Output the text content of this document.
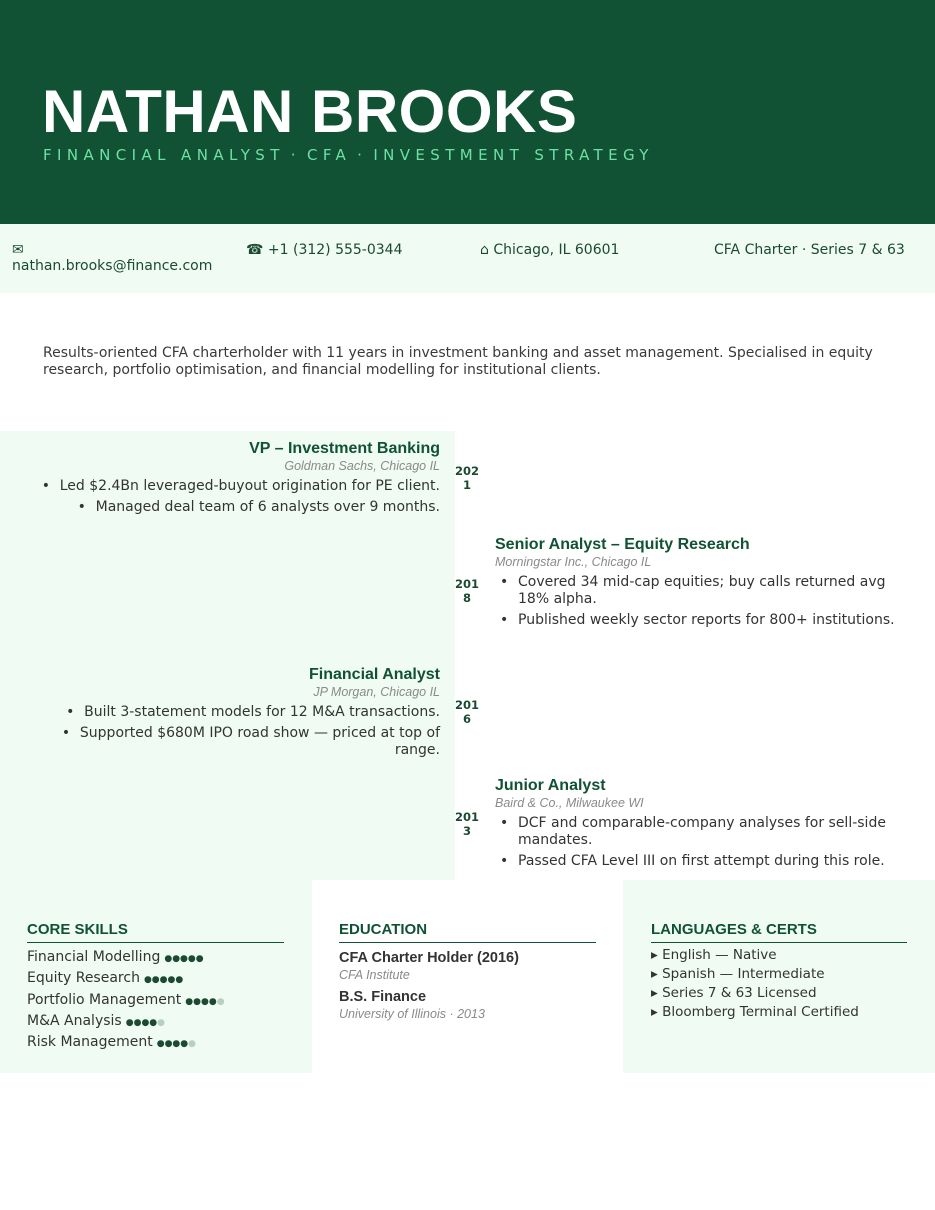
NATHAN BROOKS
FINANCIAL ANALYST · CFA · INVESTMENT STRATEGY
✉
nathan.brooks@finance.com
☎ +1 (312) 555-0344	⌂ Chicago, IL 60601	CFA Charter · Series 7 & 63
Results-oriented CFA charterholder with 11 years in investment banking and asset management. Specialised in equity research, portfolio optimisation, and financial modelling for institutional clients.
2021
VP – Investment Banking
Goldman Sachs, Chicago IL
• Led $2.4Bn leveraged-buyout origination for PE client.
• Managed deal team of 6 analysts over 9 months.
2018
Senior Analyst – Equity Research
Morningstar Inc., Chicago IL
• Covered 34 mid-cap equities; buy calls returned avg 18% alpha.
• Published weekly sector reports for 800+ institutions.
2016
Financial Analyst
JP Morgan, Chicago IL
• Built 3-statement models for 12 M&A transactions.
• Supported $680M IPO road show — priced at top of range.
2013
Junior Analyst
Baird & Co., Milwaukee WI
• DCF and comparable-company analyses for sell-side mandates.
• Passed CFA Level III on first attempt during this role.
CORE SKILLS
Financial Modelling ●●●●●
Equity Research ●●●●●
Portfolio Management ●●●●●
M&A Analysis ●●●●●
Risk Management ●●●●●
EDUCATION
CFA Charter Holder (2016)
CFA Institute
B.S. Finance
University of Illinois · 2013
LANGUAGES & CERTS
▸ English — Native
▸ Spanish — Intermediate
▸ Series 7 & 63 Licensed
▸ Bloomberg Terminal Certified
